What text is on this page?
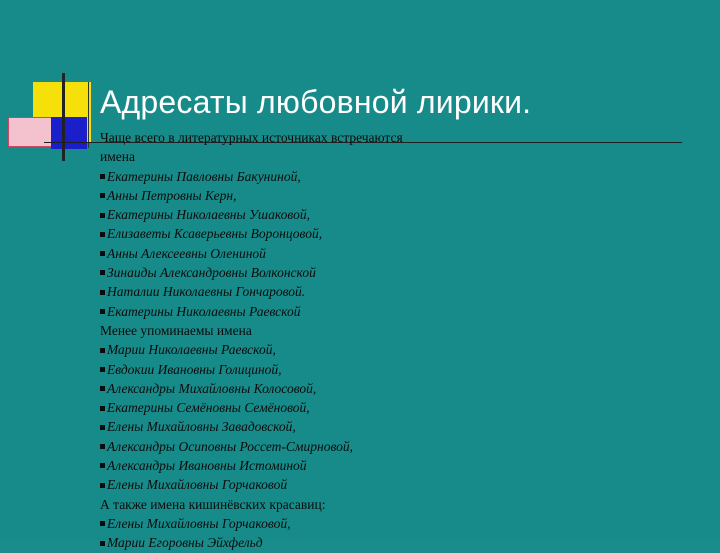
Адресаты любовной лирики.
Чаще всего в литературных источниках встречаются
имена
Екатерины Павловны Бакуниной,
Анны Петровны Керн,
Екатерины Николаевны Ушаковой,
Елизаветы Ксаверьевны Воронцовой,
Анны Алексеевны Олениной
Зинаиды Александровны Волконской
Наталии Николаевны Гончаровой.
Екатерины Николаевны Раевской
Менее упоминаемы имена
Марии Николаевны Раевской,
Евдокии Ивановны Голициной,
Александры Михайловны Колосовой,
Екатерины Семёновны Семёновой,
Елены Михайловны Завадовской,
Александры Осиповны Россет-Смирновой,
Александры Ивановны Истоминой
Елены Михайловны Горчаковой
А также имена кишинёвских красавиц:
Елены Михайловны Горчаковой,
Марии Егоровны Эйхфельд
